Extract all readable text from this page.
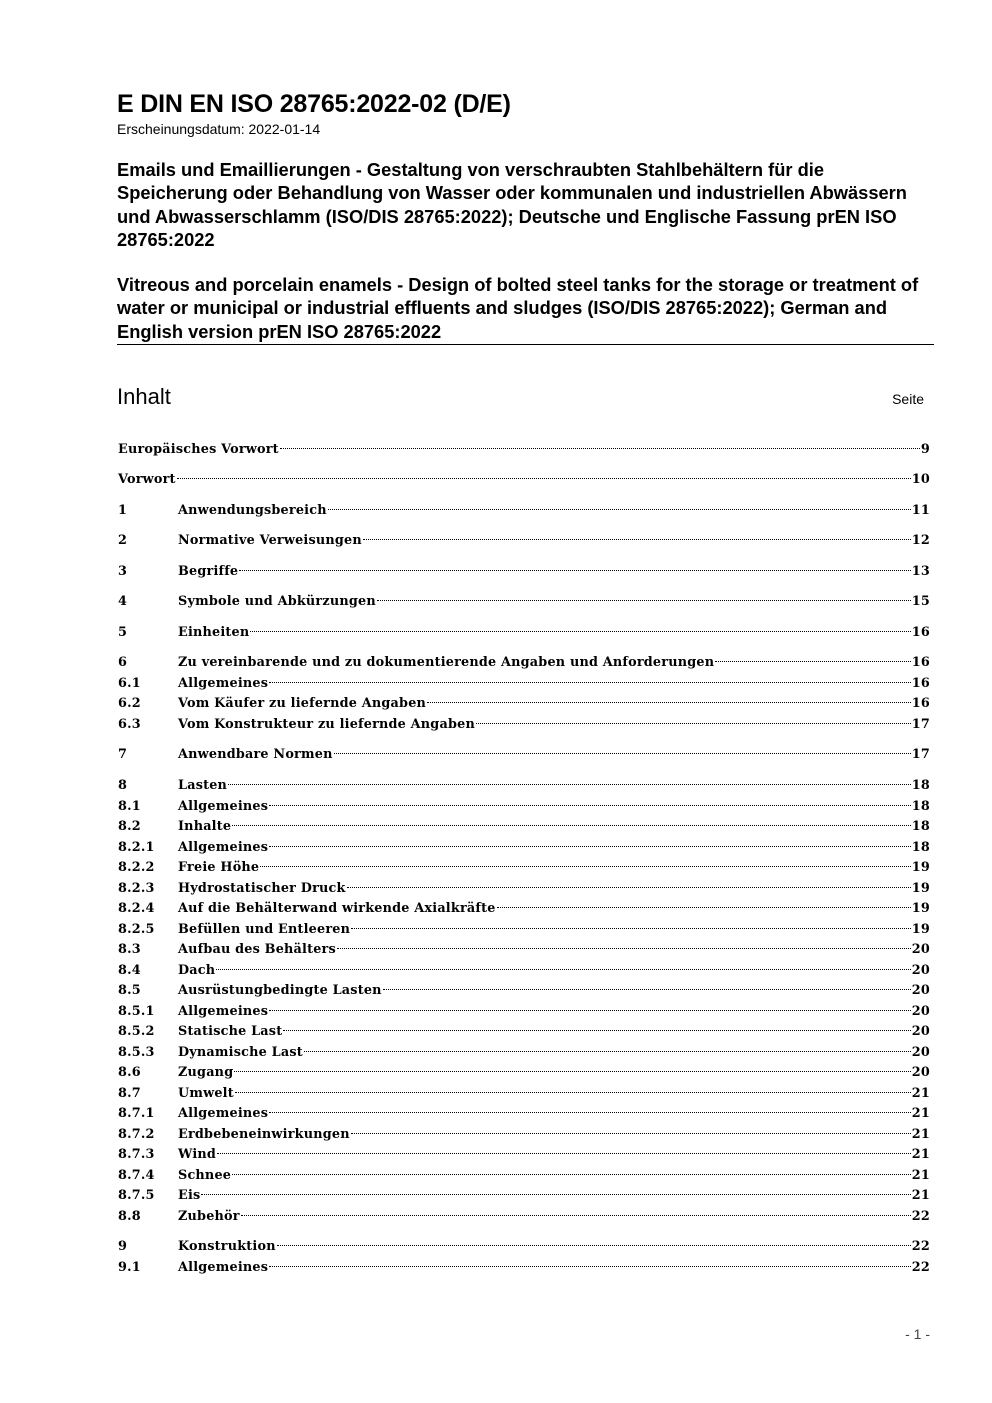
E DIN EN ISO 28765:2022-02 (D/E)
Erscheinungsdatum: 2022-01-14
Emails und Emaillierungen - Gestaltung von verschraubten Stahlbehältern für die Speicherung oder Behandlung von Wasser oder kommunalen und industriellen Abwässern und Abwasserschlamm (ISO/DIS 28765:2022); Deutsche und Englische Fassung prEN ISO 28765:2022
Vitreous and porcelain enamels - Design of bolted steel tanks for the storage or treatment of water or municipal or industrial effluents and sludges (ISO/DIS 28765:2022); German and English version prEN ISO 28765:2022
Inhalt	Seite
Europäisches Vorwort	9
Vorwort	10
1	Anwendungsbereich	11
2	Normative Verweisungen	12
3	Begriffe	13
4	Symbole und Abkürzungen	15
5	Einheiten	16
6	Zu vereinbarende und zu dokumentierende Angaben und Anforderungen	16
6.1	Allgemeines	16
6.2	Vom Käufer zu liefernde Angaben	16
6.3	Vom Konstrukteur zu liefernde Angaben	17
7	Anwendbare Normen	17
8	Lasten	18
8.1	Allgemeines	18
8.2	Inhalte	18
8.2.1 Allgemeines	18
8.2.2 Freie Höhe	19
8.2.3 Hydrostatischer Druck	19
8.2.4 Auf die Behälterwand wirkende Axialkräfte	19
8.2.5 Befüllen und Entleeren	19
8.3	Aufbau des Behälters	20
8.4	Dach	20
8.5	Ausrüstungbedingte Lasten	20
8.5.1 Allgemeines	20
8.5.2 Statische Last	20
8.5.3 Dynamische Last	20
8.6	Zugang	20
8.7	Umwelt	21
8.7.1 Allgemeines	21
8.7.2 Erdbebeneinwirkungen	21
8.7.3 Wind	21
8.7.4 Schnee	21
8.7.5 Eis	21
8.8	Zubehör	22
9	Konstruktion	22
9.1	Allgemeines	22
- 1 -
